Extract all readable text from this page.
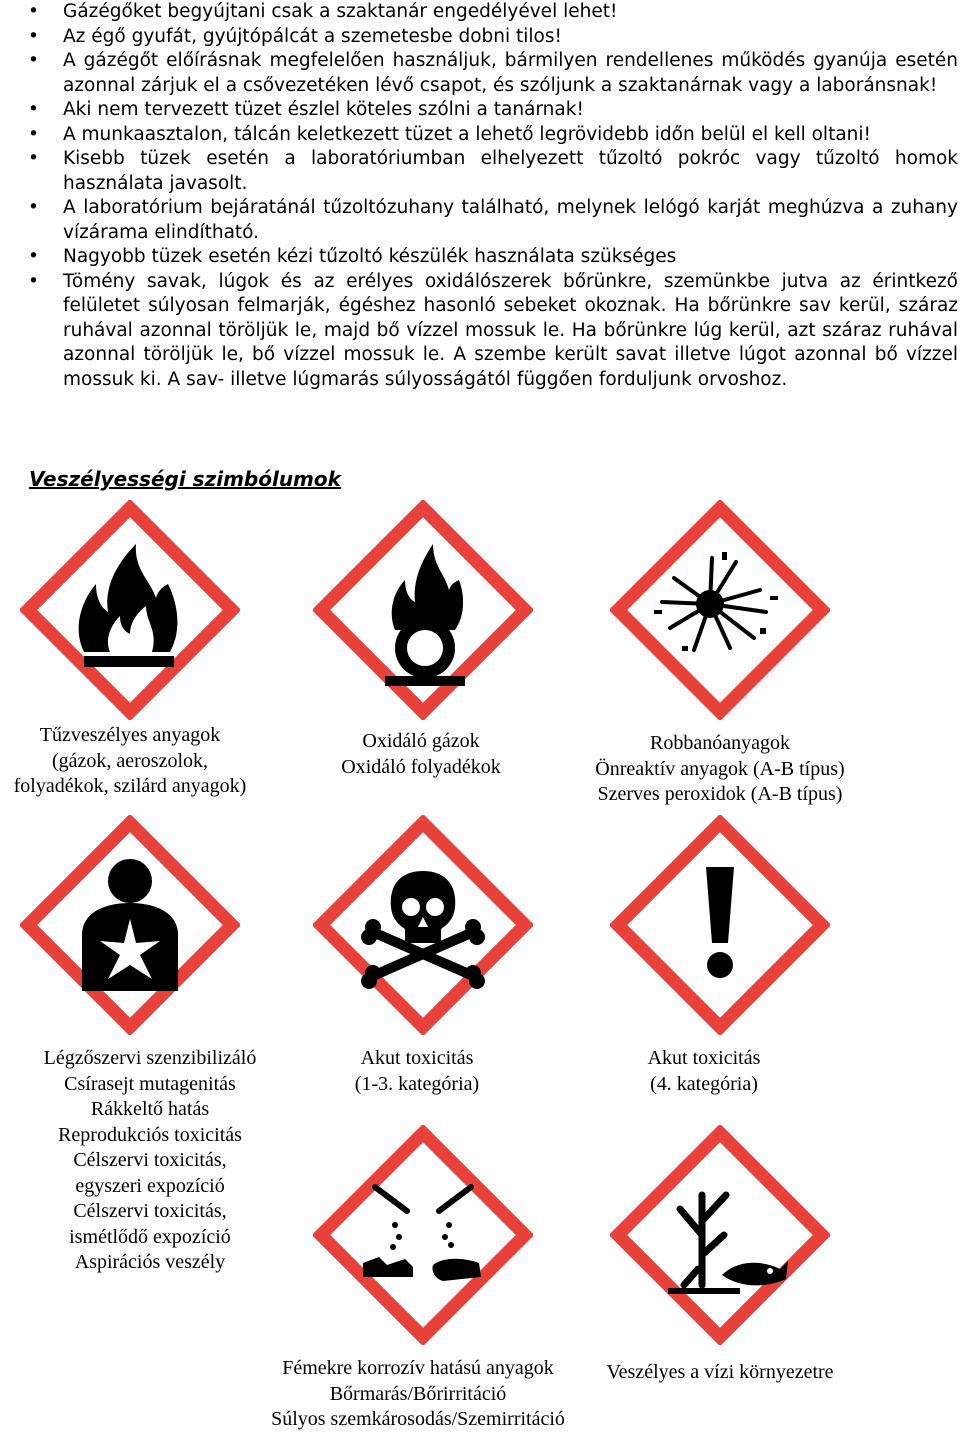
• Gázégőket begyújtani csak a szaktanár engedélyével lehet!
• Az égő gyufát, gyújtópálcát a szemetesbe dobni tilos!
• A gázégőt előírásnak megfelelően használjuk, bármilyen rendellenes működés gyanúja esetén azonnal zárjuk el a csővezetéken lévő csapot, és szóljunk a szaktanárnak vagy a laboránsnak!
• Aki nem tervezett tüzet észlel köteles szólni a tanárnak!
• A munkaasztalon, tálcán keletkezett tüzet a lehető legrövidebb időn belül el kell oltani!
• Kisebb tüzek esetén a laboratóriumban elhelyezett tűzoltó pokróc vagy tűzoltó homok használata javasolt.
• A laboratórium bejáratánál tűzoltózuhany található, melynek lelógó karját meghúzva a zuhany vízárama elindítható.
• Nagyobb tüzek esetén kézi tűzoltó készülék használata szükséges
• Tömény savak, lúgok és az erélyes oxidálószerek bőrünkre, szemünkbe jutva az érintkező felületet súlyosan felmarják, égéshez hasonló sebeket okoznak. Ha bőrünkre sav kerül, száraz ruhával azonnal töröljük le, majd bő vízzel mossuk le. Ha bőrünkre lúg kerül, azt száraz ruhával azonnal töröljük le, bő vízzel mossuk le. A szembe került savat illetve lúgot azonnal bő vízzel mossuk ki. A sav- illetve lúgmarás súlyosságától függően forduljunk orvoshoz.
Veszélyességi szimbólumok
Tűzveszélyes anyagok
(gázok, aeroszolok,
folyadékok, szilárd anyagok)
Oxidáló gázok
Oxidáló folyadékok
Robbanóanyagok
Önreaktív anyagok (A-B típus)
Szerves peroxidok (A-B típus)
Légzőszervi szenzibilizáló
Csírasejt mutagenitás
Rákkeltő hatás
Reprodukciós toxicitás
Célszervi toxicitás,
egyszeri expozíció
Célszervi toxicitás,
ismétlődő expozíció
Aspirációs veszély
Akut toxicitás
(1-3. kategória)
Akut toxicitás
(4. kategória)
Fémekre korrozív hatású anyagok
Bőrmarás/Bőrirritáció
Súlyos szemkárosodás/Szemirritáció
Veszélyes a vízi környezetre
